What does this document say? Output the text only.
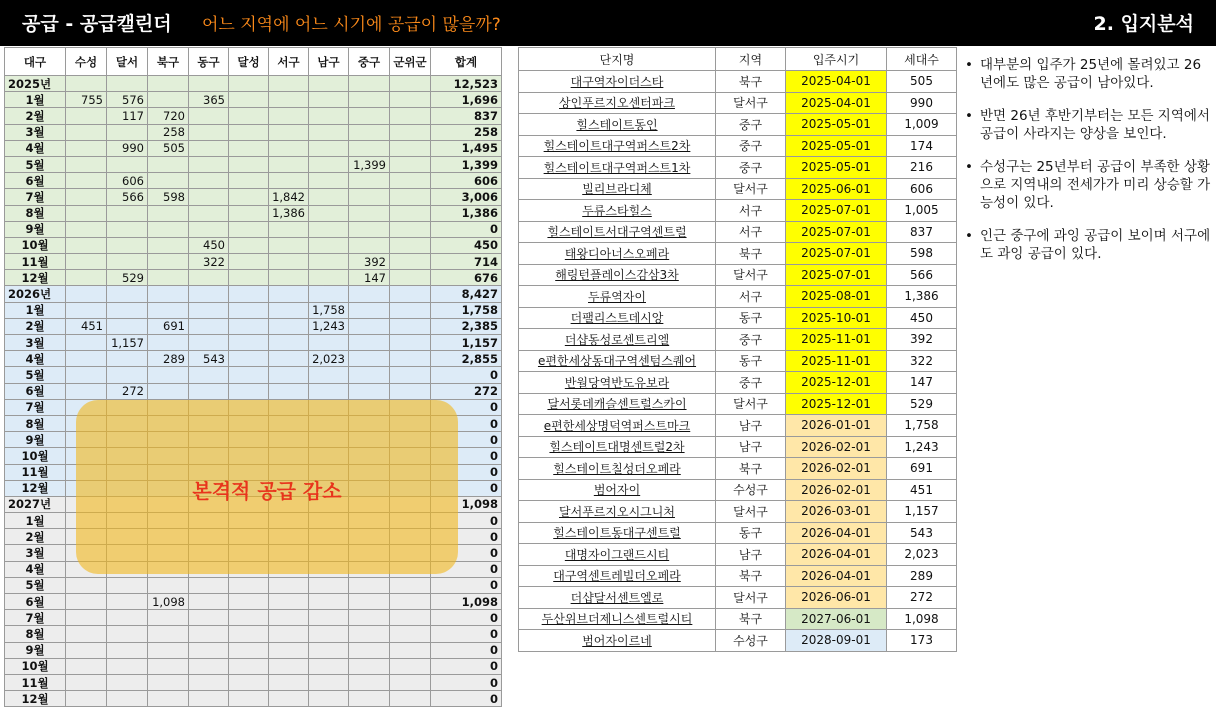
공급 - 공급캘린더 어느 지역에 어느 시기에 공급이 많을까?	2. 입지분석
대구	수성	달서	북구	동구	달성	서구	남구	중구	군위군	합계
2025년										12,523
1월	755	576		365						1,696
2월		117	720							837
3월			258							258
4월		990	505							1,495
5월								1,399		1,399
6월		606								606
7월		566	598			1,842				3,006
8월						1,386				1,386
9월										0
10월				450						450
11월				322				392		714
12월		529						147		676
2026년										8,427
1월							1,758			1,758
2월	451		691				1,243			2,385
3월		1,157								1,157
4월			289	543			2,023			2,855
5월										0
6월		272								272
7월										0
8월										0
9월										0
10월										0
11월										0
12월										0
2027년										1,098
1월										0
2월										0
3월										0
4월										0
5월										0
6월			1,098							1,098
7월										0
8월										0
9월										0
10월										0
11월										0
12월										0
본격적 공급 감소
단지명	지역	입주시기	세대수
대구역자이더스타	북구	2025-04-01	505
상인푸르지오센터파크	달서구	2025-04-01	990
힐스테이트동인	중구	2025-05-01	1,009
힐스테이트대구역퍼스트2차	중구	2025-05-01	174
힐스테이트대구역퍼스트1차	중구	2025-05-01	216
빌리브라디체	달서구	2025-06-01	606
두류스타힐스	서구	2025-07-01	1,005
힐스테이트서대구역센트럴	서구	2025-07-01	837
태왕디아너스오페라	북구	2025-07-01	598
해링턴플레이스감삼3차	달서구	2025-07-01	566
두류역자이	서구	2025-08-01	1,386
더팰리스트데시앙	동구	2025-10-01	450
더샵동성로센트리엘	중구	2025-11-01	392
e편한세상동대구역센텀스퀘어	동구	2025-11-01	322
반월당역반도유보라	중구	2025-12-01	147
달서롯데캐슬센트럴스카이	달서구	2025-12-01	529
e편한세상명덕역퍼스트마크	남구	2026-01-01	1,758
힐스테이트대명센트럴2차	남구	2026-02-01	1,243
힐스테이트칠성더오페라	북구	2026-02-01	691
범어자이	수성구	2026-02-01	451
달서푸르지오시그니처	달서구	2026-03-01	1,157
힐스테이트동대구센트럴	동구	2026-04-01	543
대명자이그랜드시티	남구	2026-04-01	2,023
대구역센트레빌더오페라	북구	2026-04-01	289
더샵달서센트엘로	달서구	2026-06-01	272
두산위브더제니스센트럴시티	북구	2027-06-01	1,098
범어자이르네	수성구	2028-09-01	173
• 대부분의 입주가 25년에 몰려있고 26년에도 많은 공급이 남아있다.
• 반면 26년 후반기부터는 모든 지역에서 공급이 사라지는 양상을 보인다.
• 수성구는 25년부터 공급이 부족한 상황으로 지역내의 전세가가 미리 상승할 가능성이 있다.
• 인근 중구에 과잉 공급이 보이며 서구에도 과잉 공급이 있다.
